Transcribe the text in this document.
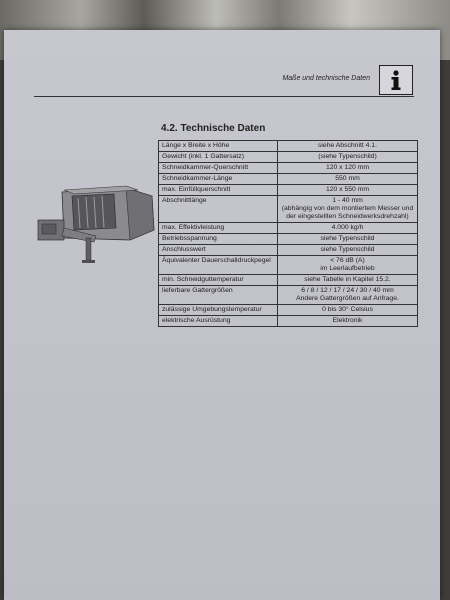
Maße und technische Daten
4.2. Technische Daten
Länge x Breite x Höhe	siehe Abschnitt 4.1.
Gewicht (inkl. 1 Gattersatz)	(siehe Typenschild)
Schneidkammer-Querschnitt	120 x 120 mm
Schneidkammer-Länge	550 mm
max. Einfüllquerschnitt	120 x 550 mm
Abschnittlänge	1 - 40 mm
(abhängig von dem montiertem Messer und der eingestellten Schneidwerksdrehzahl)
max. Effektivleistung	4.000 kg/h
Betriebsspannung	siehe Typenschild
Anschlusswert	siehe Typenschild
Äquivalenter Dauerschalldruckpegel	< 76 dB (A)
im Leerlaufbetrieb
min. Schneidguttemperatur	siehe Tabelle in Kapitel 15.2.
lieferbare Gattergrößen	6 / 8 / 12 / 17 / 24 / 30 / 40 mm
Andere Gattergrößen auf Anfrage.
zulässige Umgebungstemperatur	0 bis 30° Celsius
elektrische Ausrüstung	Elektronik
